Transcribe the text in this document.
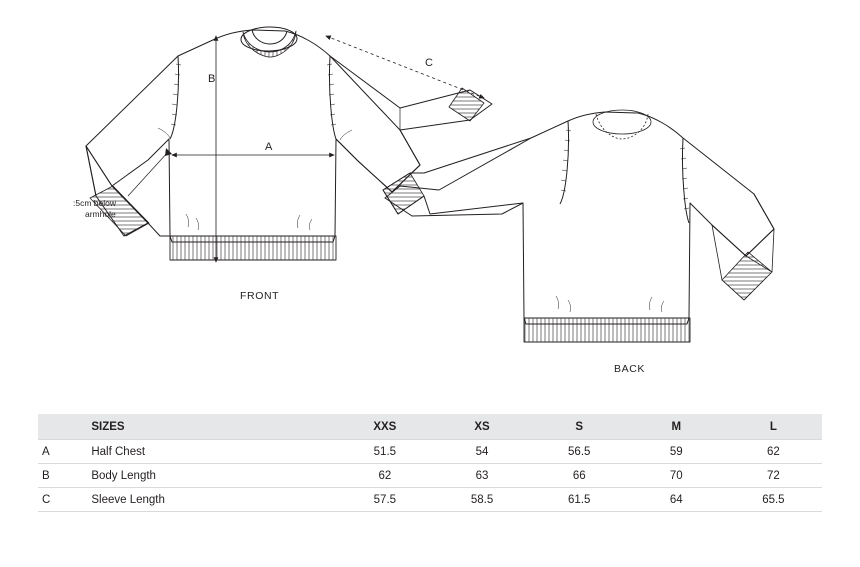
A
B
C
:5cm below
armhole
FRONT
BACK
	SIZES	XXS	XS	S	M	L
A	Half Chest	51.5	54	56.5	59	62
B	Body Length	62	63	66	70	72
C	Sleeve Length	57.5	58.5	61.5	64	65.5
